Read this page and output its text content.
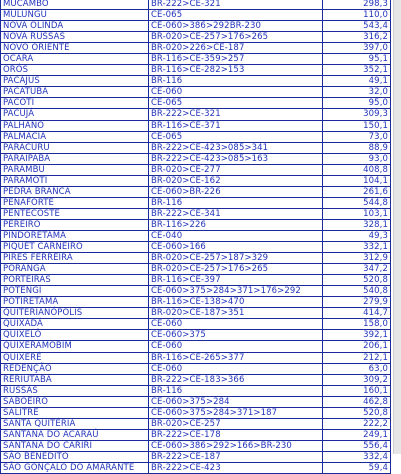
MUCAMBO	BR-222>CE-321	298,3
MULUNGU	CE-065	110,0
NOVA OLINDA	CE-060>386>292BR-230	543,4
NOVA RUSSAS	BR-020>CE-257>176>265	316,2
NOVO ORIENTE	BR-020>226>CE-187	397,0
OCARA	BR-116>CE-359>257	95,1
ORÓS	BR-116>CE-282>153	352,1
PACAJUS	BR-116	49,1
PACATUBA	CE-060	32,0
PACOTI	CE-065	95,0
PACUJÁ	BR-222>CE-321	309,3
PALHANO	BR-116>CE-371	150,1
PALMÁCIA	CE-065	73,0
PARACURU	BR-222>CE-423>085>341	88,9
PARAIPABA	BR-222>CE-423>085>163	93,0
PARAMBU	BR-020>CE-277	408,8
PARAMOTI	BR-020>CE-162	104,1
PEDRA BRANCA	CE-060>BR-226	261,6
PENAFORTE	BR-116	544,8
PENTECOSTE	BR-222>CE-341	103,1
PEREIRO	BR-116>226	328,1
PINDORETAMA	CE-040	49,3
PIQUET CARNEIRO	CE-060>166	332,1
PIRES FERREIRA	BR-020>CE-257>187>329	312,9
PORANGA	BR-020>CE-257>176>265	347,2
PORTEIRAS	BR-116>CE-397	520,8
POTENGI	CE-060>375>284>371>176>292	540,8
POTIRETAMA	BR-116>CE-138>470	279,9
QUITERIANÓPOLIS	BR-020>CE-187>351	414,7
QUIXADÁ	CE-060	158,0
QUIXELÔ	CE-060>375	392,1
QUIXERAMOBIM	CE-060	206,1
QUIXERÉ	BR-116>CE-265>377	212,1
REDENÇÃO	CE-060	63,0
RERIUTABA	BR-222>CE-183>366	309,2
RUSSAS	BR-116	160,1
SABOEIRO	CE-060>375>284	462,8
SALITRE	CE-060>375>284>371>187	520,8
SANTA QUITÉRIA	BR-020>CE-257	222,2
SANTANA DO ACARAÚ	BR-222>CE-178	249,1
SANTANA DO CARIRI	CE-060>386>292>166>BR-230	556,4
SÃO BENEDITO	BR-222>CE-187	332,4
SÃO GONÇALO DO AMARANTE	BR-222>CE-423	59,4
